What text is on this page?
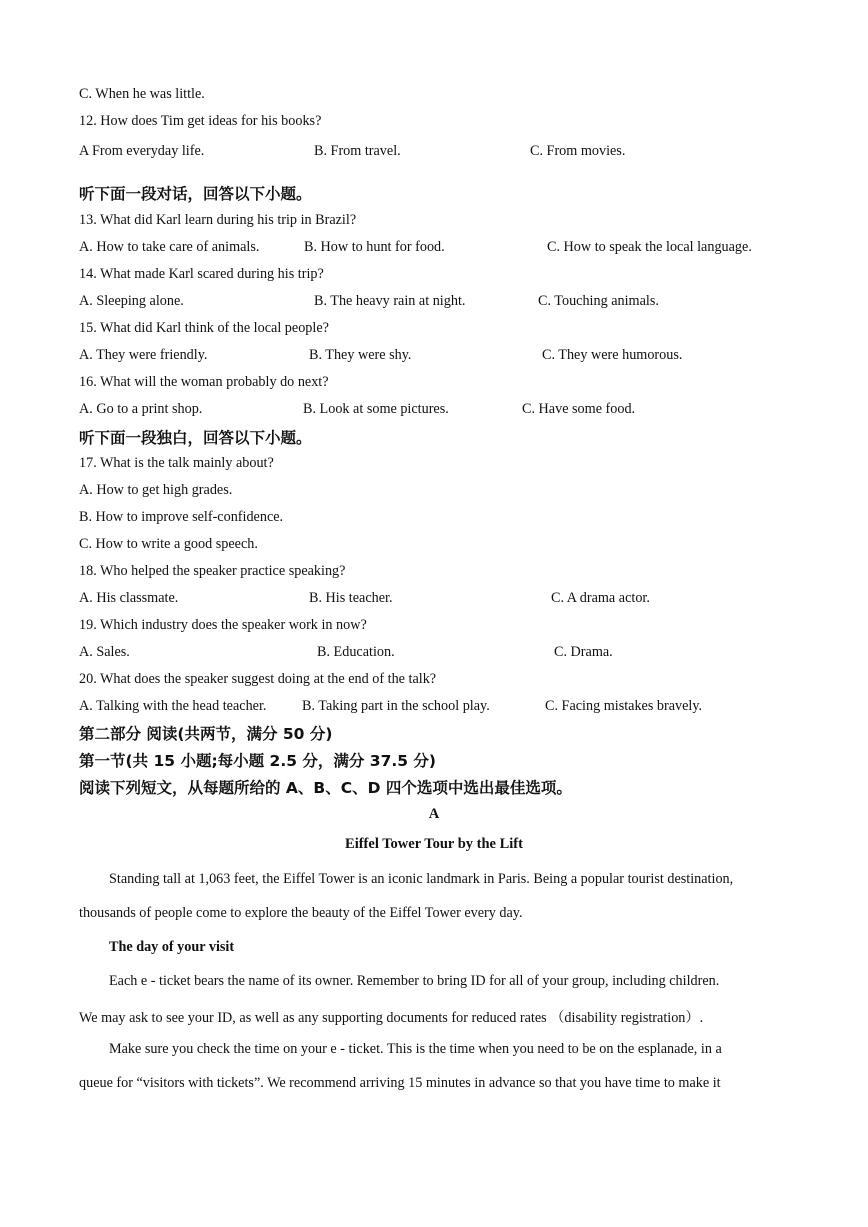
C. When he was little.
12. How does Tim get ideas for his books?
A From everyday life.	B. From travel.	C. From movies.
听下面一段对话，回答以下小题。
13. What did Karl learn during his trip in Brazil?
A. How to take care of animals.	B. How to hunt for food.	C. How to speak the local language.
14. What made Karl scared during his trip?
A. Sleeping alone.	B. The heavy rain at night.	C. Touching animals.
15. What did Karl think of the local people?
A. They were friendly.	B. They were shy.	C. They were humorous.
16. What will the woman probably do next?
A. Go to a print shop.	B. Look at some pictures.	C. Have some food.
听下面一段独白，回答以下小题。
17. What is the talk mainly about?
A. How to get high grades.
B. How to improve self-confidence.
C. How to write a good speech.
18. Who helped the speaker practice speaking?
A. His classmate.	B. His teacher.	C. A drama actor.
19. Which industry does the speaker work in now?
A. Sales.	B. Education.	C. Drama.
20. What does the speaker suggest doing at the end of the talk?
A. Talking with the head teacher.	B. Taking part in the school play.	C. Facing mistakes bravely.
第二部分 阅读(共两节，满分 50 分)
第一节(共 15 小题;每小题 2.5 分，满分 37.5 分)
阅读下列短文，从每题所给的 A、B、C、D 四个选项中选出最佳选项。
A
Eiffel Tower Tour by the Lift
Standing tall at 1,063 feet, the Eiffel Tower is an iconic landmark in Paris. Being a popular tourist destination,
thousands of people come to explore the beauty of the Eiffel Tower every day.
The day of your visit
Each e - ticket bears the name of its owner. Remember to bring ID for all of your group, including children.
We may ask to see your ID, as well as any supporting documents for reduced rates （disability registration）.
Make sure you check the time on your e - ticket. This is the time when you need to be on the esplanade, in a
queue for “visitors with tickets”. We recommend arriving 15 minutes in advance so that you have time to make it
